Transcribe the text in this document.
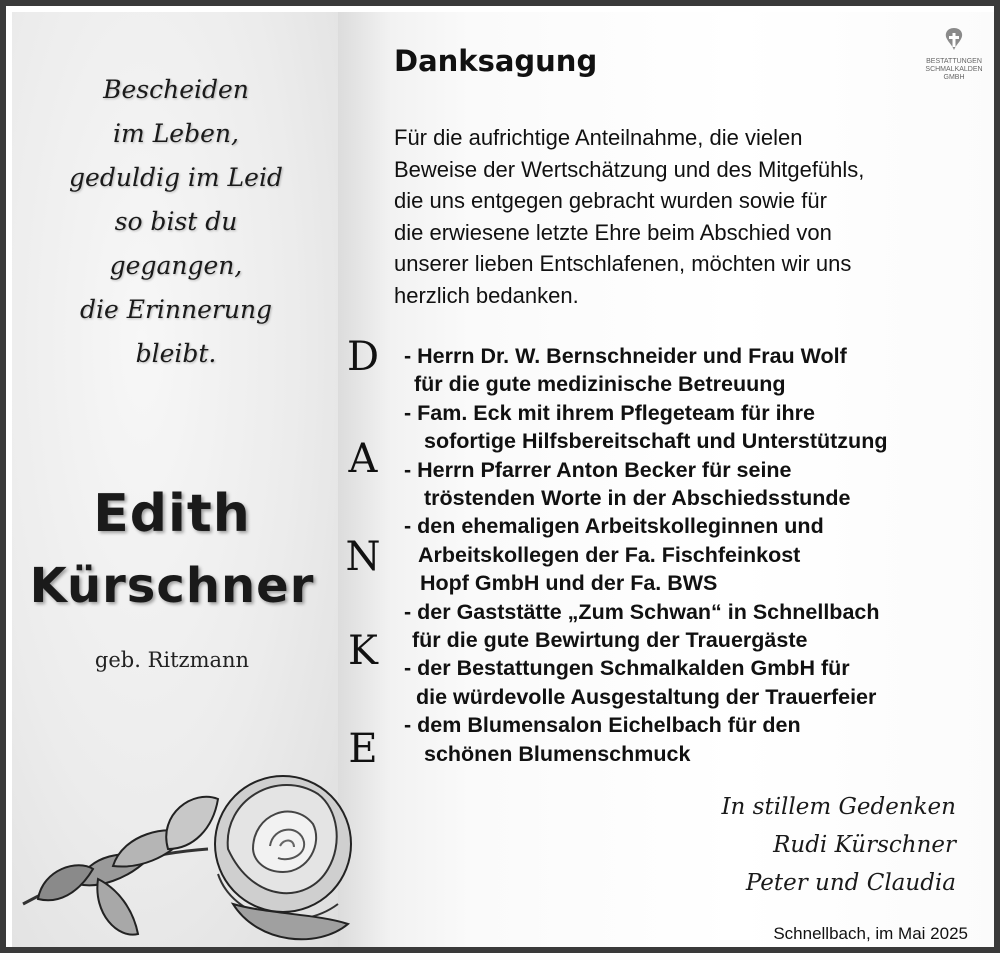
Bescheiden
im Leben,
geduldig im Leid
so bist du
gegangen,
die Erinnerung
bleibt.
Edith
Kürschner
geb. Ritzmann
BESTATTUNGEN
SCHMALKALDEN
GMBH
Danksagung
Für die aufrichtige Anteilnahme, die vielen
Beweise der Wertschätzung und des Mitgefühls,
die uns entgegen gebracht wurden sowie für
die erwiesene letzte Ehre beim Abschied von
unserer lieben Entschlafenen, möchten wir uns
herzlich bedanken.
D
A
N
K
E
- Herrn Dr. W. Bernschneider und Frau Wolf
für die gute medizinische Betreuung
- Fam. Eck mit ihrem Pflegeteam für ihre
sofortige Hilfsbereitschaft und Unterstützung
- Herrn Pfarrer Anton Becker für seine
tröstenden Worte in der Abschiedsstunde
- den ehemaligen Arbeitskolleginnen und
Arbeitskollegen der Fa. Fischfeinkost
Hopf GmbH und der Fa. BWS
- der Gaststätte „Zum Schwan“ in Schnellbach
für die gute Bewirtung der Trauergäste
- der Bestattungen Schmalkalden GmbH für
die würdevolle Ausgestaltung der Trauerfeier
- dem Blumensalon Eichelbach für den
schönen Blumenschmuck
In stillem Gedenken
Rudi Kürschner
Peter und Claudia
Schnellbach, im Mai 2025
